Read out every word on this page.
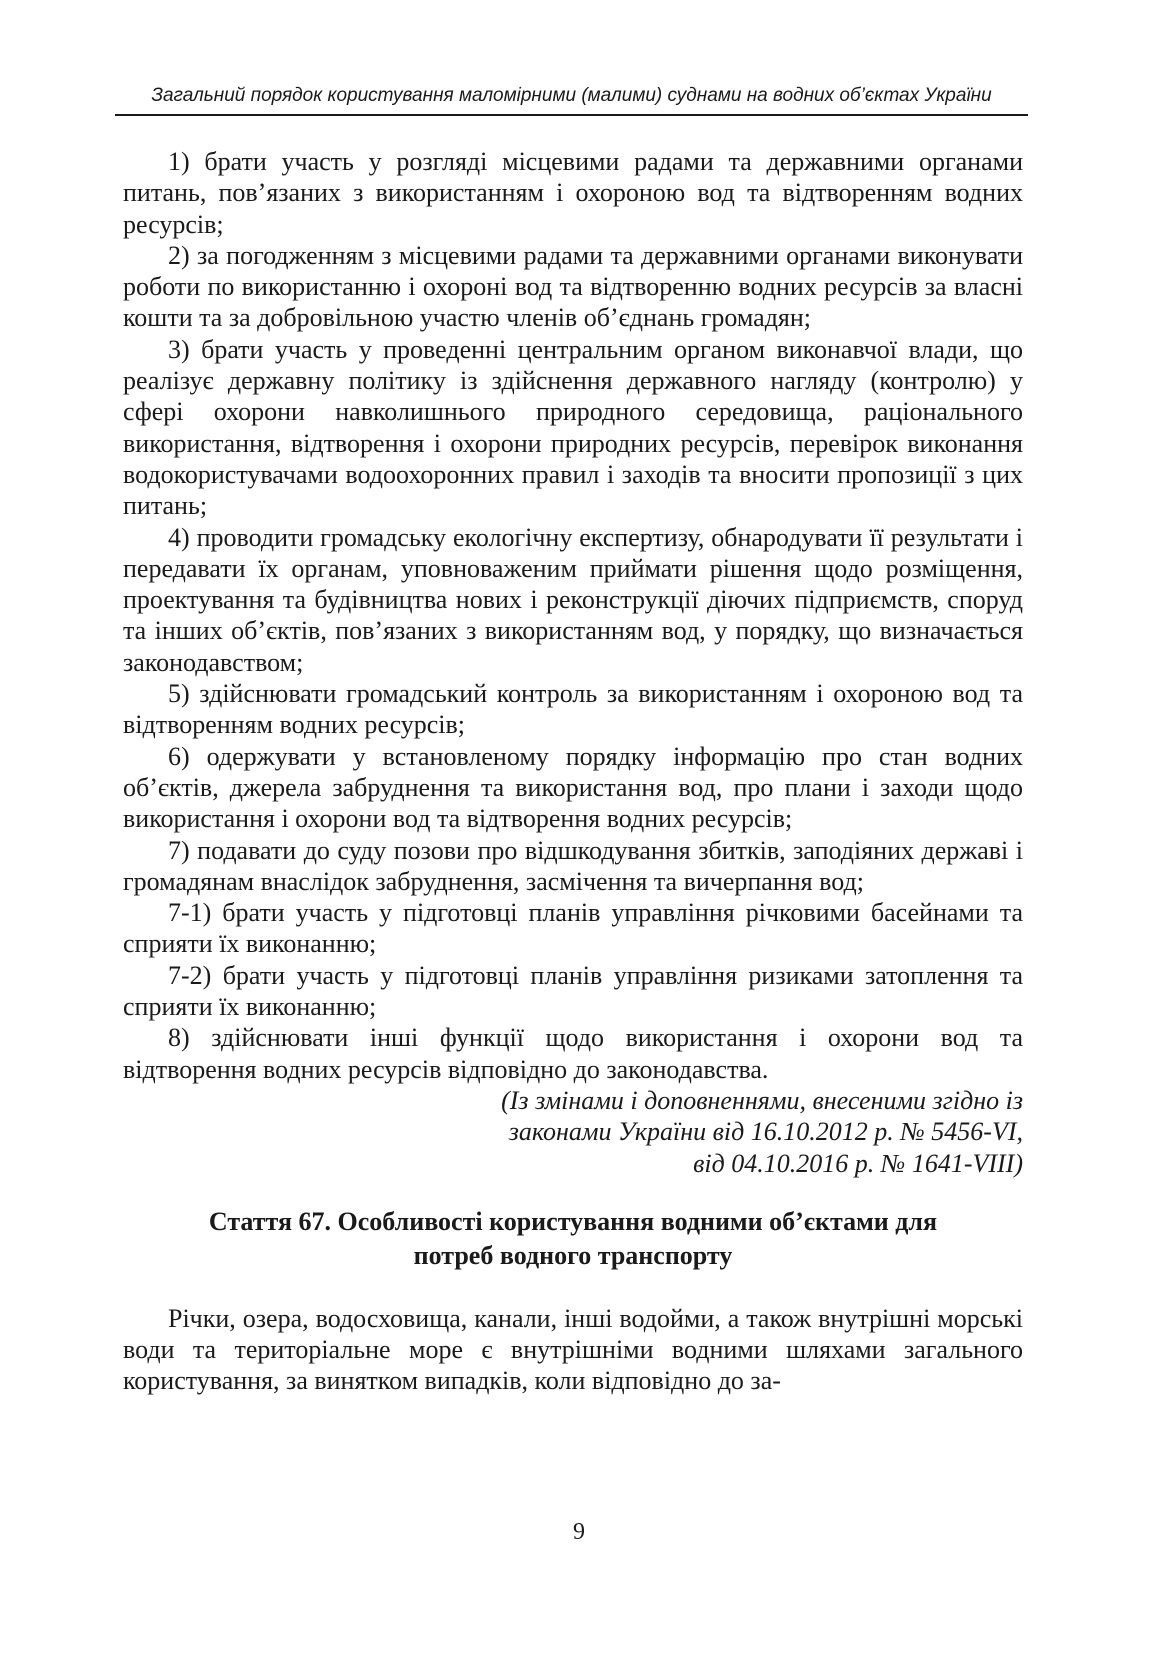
Загальний порядок користування маломірними (малими) суднами на водних об’єктах України

1) брати участь у розгляді місцевими радами та державними органами питань, пов’язаних з використанням і охороною вод та відтворенням водних ресурсів;

2) за погодженням з місцевими радами та державними органами виконувати роботи по використанню і охороні вод та відтворенню водних ресурсів за власні кошти та за добровільною участю членів об’єднань громадян;

3) брати участь у проведенні центральним органом виконавчої влади, що реалізує державну політику із здійснення державного нагляду (контролю) у сфері охорони навколишнього природного середовища, раціонального використання, відтворення і охорони природних ресурсів, перевірок виконання водокористувачами водоохоронних правил і заходів та вносити пропозиції з цих питань;

4) проводити громадську екологічну експертизу, обнародувати її результати і передавати їх органам, уповноваженим приймати рішення щодо розміщення, проектування та будівництва нових і реконструкції діючих підприємств, споруд та інших об’єктів, пов’язаних з використанням вод, у порядку, що визначається законодавством;

5) здійснювати громадський контроль за використанням і охороною вод та відтворенням водних ресурсів;

6) одержувати у встановленому порядку інформацію про стан водних об’єктів, джерела забруднення та використання вод, про плани і заходи щодо використання і охорони вод та відтворення водних ресурсів;

7) подавати до суду позови про відшкодування збитків, заподіяних державі і громадянам внаслідок забруднення, засмічення та вичерпання вод;

7-1) брати участь у підготовці планів управління річковими басейнами та сприяти їх виконанню;

7-2) брати участь у підготовці планів управління ризиками затоплення та сприяти їх виконанню;

8) здійснювати інші функції щодо використання і охорони вод та відтворення водних ресурсів відповідно до законодавства.

(Із змінами і доповненнями, внесеними згідно із

законами України від 16.10.2012 р. № 5456-VI,

від 04.10.2016 р. № 1641-VIII)

Стаття 67. Особливості користування водними об’єктами для
потреб водного транспорту

Річки, озера, водосховища, канали, інші водойми, а також внутрішні морські води та територіальне море є внутрішніми водними шляхами загального користування, за винятком випадків, коли відповідно до за-

9
